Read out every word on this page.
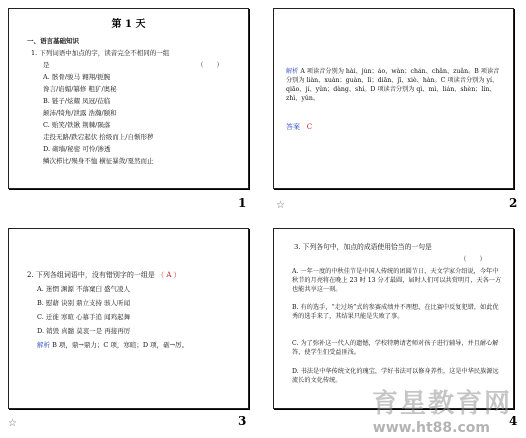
第 1 天
一、语言基础知识
1. 下列词语中加点的字，读音完全不相同的一组
是	（　　）
A. 骸骨/骏马 翱翔/扼腕
谗言/谄媚/纂修 粗犷/奥秘
B. 链子/炫耀 凤冠/莅临
颠沛/犄角/泄露 浩瀚/颐和
C. 贻笑/铁锹 荆棘/陨落
走投无路/跌宕起伏 拾级而上/自惭形秽
D. 砌墙/秘密 可怜/渗透
鳞次栉比/殒身不恤 横征暴敛/戛然而止
1
解析 A 项读音分别为 hài、jùn；áo、wàn；chán、chǎn、zuǎn。B 项读音分别为 liàn、xuàn；guàn、lì；diān、jī、xiè、hàn。C 项读音分别为 yí、qiāo、jí、yǔn；dàng、shí。D 项读音分别为 qì、mì、lián、shèn；lín、zhì、yǔn。
答案 C
☆	2
2. 下列各组词语中，没有错别字的一组是 （ A ）
A. 迷惘 渊源 不落窠臼 盛气凌人
B. 慰藉 诀别 鼎立支持 骇人听闻
C. 迁徙 寒暄 心慕手追 闻鸡起舞
D. 销毁 真髓 莫衷一是 再接再厉
解析 B 项，鼎→鼎力；C 项，寒暄；D 项，砺→厉。
☆	3
3. 下列各句中，加点的成语使用恰当的一句是
（　　）
A. 一年一度的中秋佳节是中国人传统的团圆节日，天文学家介绍说，今年中秋节的月亮将在晚上 23 时 13 分才最圆，届时人们可以共赏明月，天各一方也能共享这一刻。
B. 有的选手，“走过场”式的参赛成绩并不理想，在比赛中反复犯错，如此优秀的选手来了，其结果只能是失败了事。
C. 为了弥补这一代人的遗憾，学校特聘请老师对孩子进行辅导，并且耐心解答，使学生们受益匪浅。
D. 书法是中华传统文化的瑰宝，学好书法可以修身养性，这是中华民族源远流长的文化传统。
4
育星教育网
www.ht88.com
